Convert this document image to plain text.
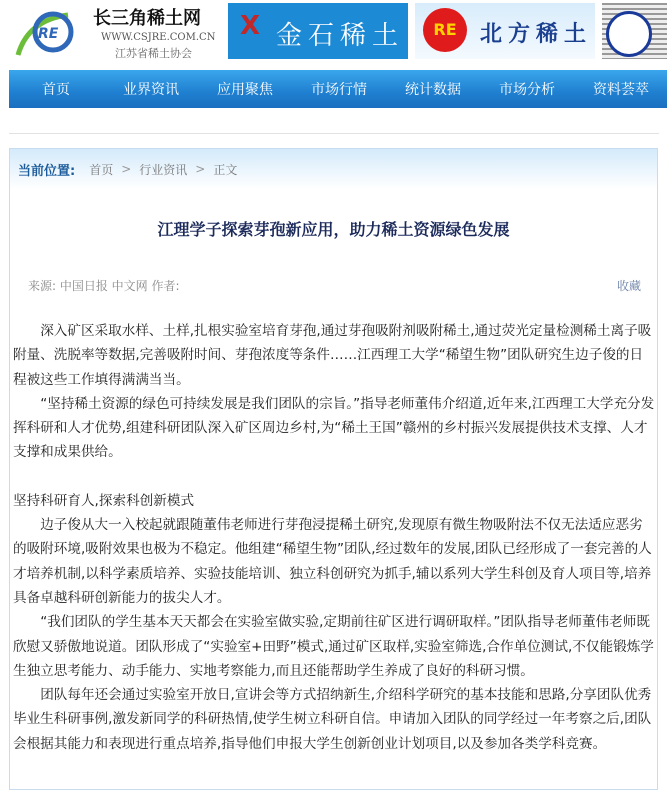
RE
长三角稀土网
WWW.CSJRE.COM.CN
江苏省稀土协会
X 金石稀土	RE	北方稀土
首页	业界资讯	应用聚焦	市场行情	统计数据	市场分析	资料荟萃
当前位置: 首页 > 行业资讯 > 正文
江理学子探索芽孢新应用，助力稀土资源绿色发展
来源: 中国日报 中文网 作者:	收藏

深入矿区采取水样、土样,扎根实验室培育芽孢,通过芽孢吸附剂吸附稀土,通过荧光定量检测稀土离子吸附量、洗脱率等数据,完善吸附时间、芽孢浓度等条件……江西理工大学“稀望生物”团队研究生边子俊的日程被这些工作填得满满当当。

“坚持稀土资源的绿色可持续发展是我们团队的宗旨。”指导老师董伟介绍道,近年来,江西理工大学充分发挥科研和人才优势,组建科研团队深入矿区周边乡村,为“稀土王国”赣州的乡村振兴发展提供技术支撑、人才支撑和成果供给。

坚持科研育人,探索科创新模式

边子俊从大一入校起就跟随董伟老师进行芽孢浸提稀土研究,发现原有微生物吸附法不仅无法适应恶劣的吸附环境,吸附效果也极为不稳定。他组建“稀望生物”团队,经过数年的发展,团队已经形成了一套完善的人才培养机制,以科学素质培养、实验技能培训、独立科创研究为抓手,辅以系列大学生科创及育人项目等,培养具备卓越科研创新能力的拔尖人才。

“我们团队的学生基本天天都会在实验室做实验,定期前往矿区进行调研取样。”团队指导老师董伟老师既欣慰又骄傲地说道。团队形成了“实验室+田野”模式,通过矿区取样,实验室筛选,合作单位测试,不仅能锻炼学生独立思考能力、动手能力、实地考察能力,而且还能帮助学生养成了良好的科研习惯。

团队每年还会通过实验室开放日,宣讲会等方式招纳新生,介绍科学研究的基本技能和思路,分享团队优秀毕业生科研事例,激发新同学的科研热情,使学生树立科研自信。申请加入团队的同学经过一年考察之后,团队会根据其能力和表现进行重点培养,指导他们申报大学生创新创业计划项目,以及参加各类学科竞赛。
